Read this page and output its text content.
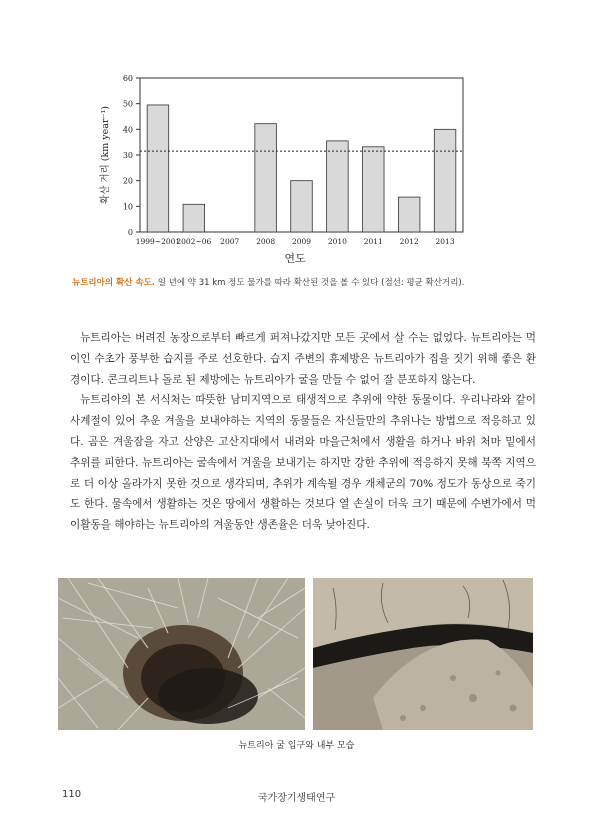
0
10
20
30
40
50
60
1999~2001
2002~06 2007 2008 2009 2010 2011 2012 2013
연도
확산 거리 (km year⁻¹)
뉴트리아의 확산 속도. 일 년에 약 31 km 정도 물가를 따라 확산된 것을 볼 수 있다 (점선: 평균 확산거리).

뉴트리아는 버려진 농장으로부터 빠르게 퍼져나갔지만 모든 곳에서 살 수는 없었다. 뉴트리아는 먹이인 수초가 풍부한 습지를 주로 선호한다. 습지 주변의 휴제방은 뉴트리아가 집을 짓기 위해 좋은 환경이다. 콘크리트나 돌로 된 제방에는 뉴트리아가 굴을 만들 수 없어 잘 분포하지 않는다.

뉴트리아의 본 서식처는 따뜻한 남미지역으로 태생적으로 추위에 약한 동물이다. 우리나라와 같이 사계절이 있어 추운 겨울을 보내야하는 지역의 동물들은 자신들만의 추위나는 방법으로 적응하고 있다. 곰은 겨울잠을 자고 산양은 고산지대에서 내려와 마을근처에서 생활을 하거나 바위 처마 밑에서 추위를 피한다. 뉴트리아는 굴속에서 겨울을 보내기는 하지만 강한 추위에 적응하지 못해 북쪽 지역으로 더 이상 올라가지 못한 것으로 생각되며, 추위가 계속될 경우 개체군의 70% 정도가 동상으로 죽기도 한다. 물속에서 생활하는 것은 땅에서 생활하는 것보다 열 손실이 더욱 크기 때문에 수변가에서 먹이활동을 해야하는 뉴트리아의 겨울동안 생존율은 더욱 낮아진다.

뉴트리아 굴 입구와 내부 모습
110	국가장기생태연구
